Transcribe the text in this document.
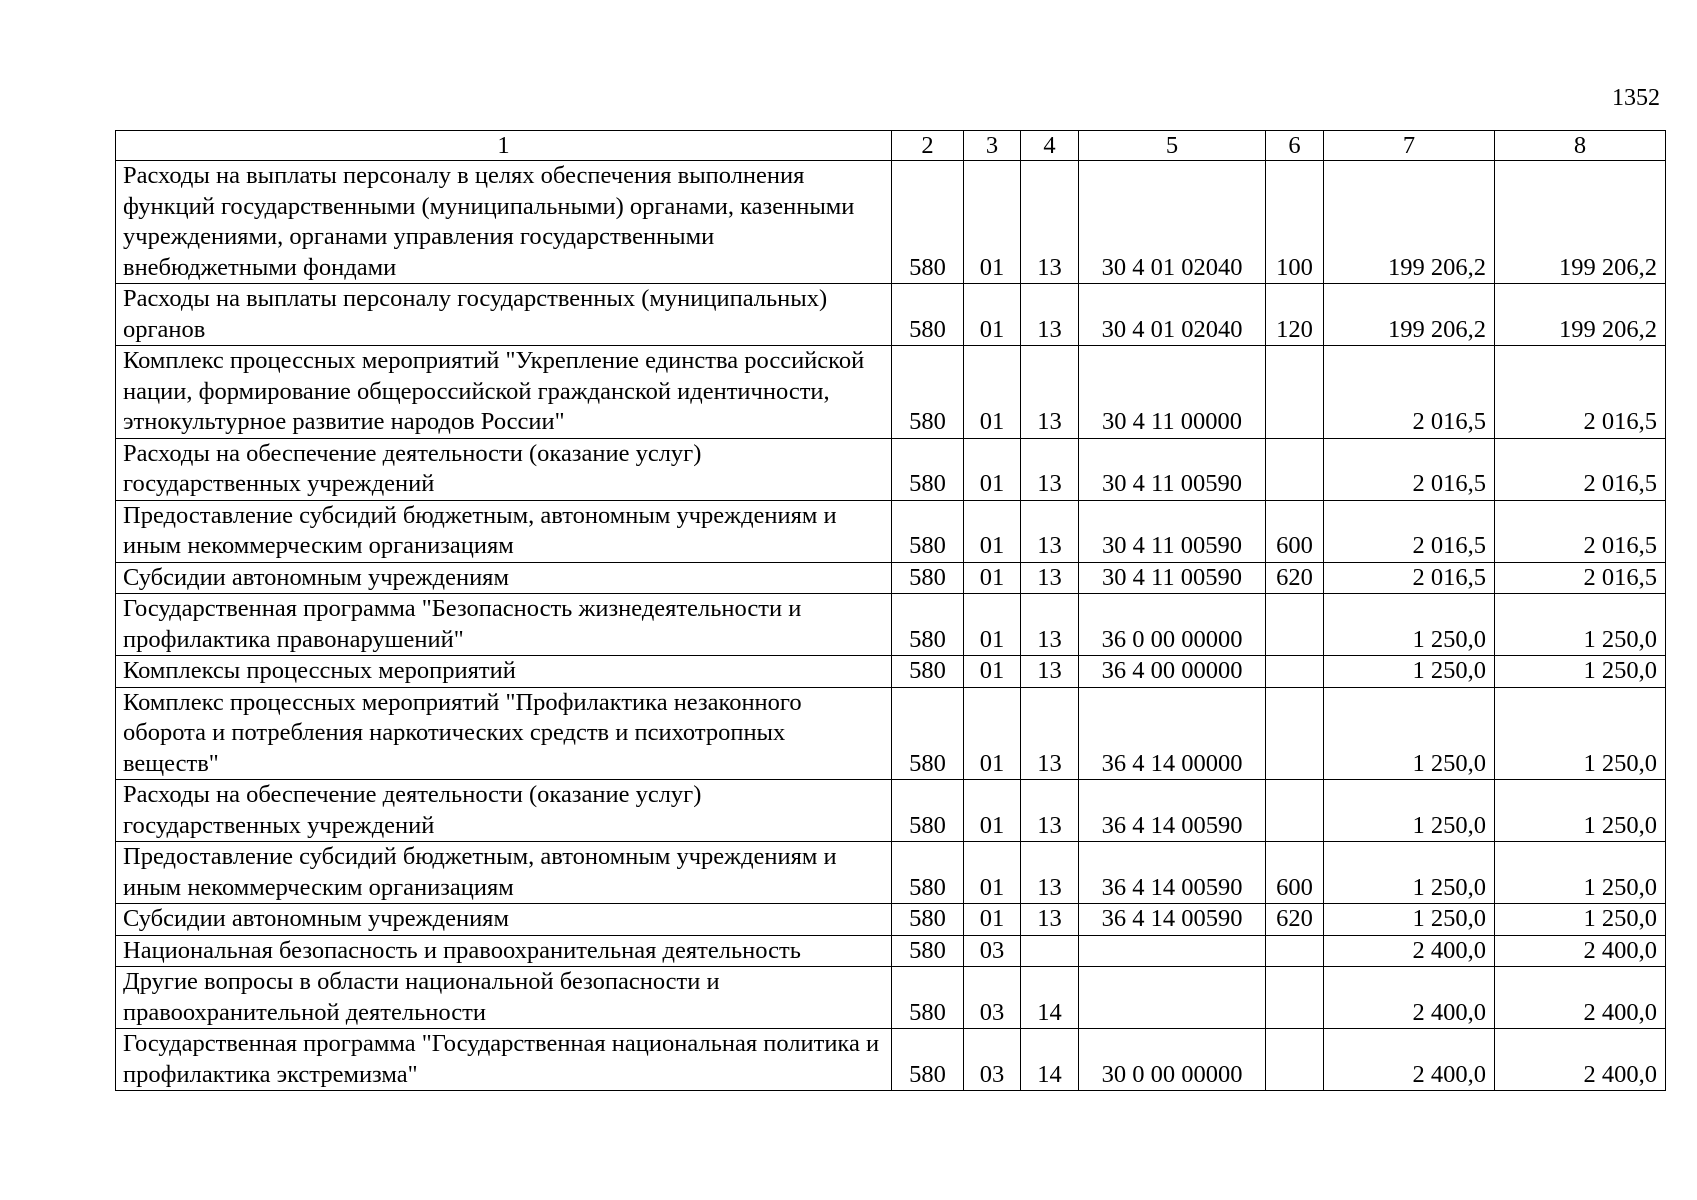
1352
1	2	3	4	5	6	7	8
Расходы на выплаты персоналу в целях обеспечения выполнения функций государственными (муниципальными) органами, казенными учреждениями, органами управления государственными внебюджетными фондами	580	01	13	30 4 01 02040	100	199 206,2	199 206,2
Расходы на выплаты персоналу государственных (муниципальных) органов	580	01	13	30 4 01 02040	120	199 206,2	199 206,2
Комплекс процессных мероприятий "Укрепление единства российской нации, формирование общероссийской гражданской идентичности, этнокультурное развитие народов России"	580	01	13	30 4 11 00000		2 016,5	2 016,5
Расходы на обеспечение деятельности (оказание услуг) государственных учреждений	580	01	13	30 4 11 00590		2 016,5	2 016,5
Предоставление субсидий бюджетным, автономным учреждениям и иным некоммерческим организациям	580	01	13	30 4 11 00590	600	2 016,5	2 016,5
Субсидии автономным учреждениям	580	01	13	30 4 11 00590	620	2 016,5	2 016,5
Государственная программа "Безопасность жизнедеятельности и профилактика правонарушений"	580	01	13	36 0 00 00000		1 250,0	1 250,0
Комплексы процессных мероприятий	580	01	13	36 4 00 00000		1 250,0	1 250,0
Комплекс процессных мероприятий "Профилактика незаконного оборота и потребления наркотических средств и психотропных веществ"	580	01	13	36 4 14 00000		1 250,0	1 250,0
Расходы на обеспечение деятельности (оказание услуг) государственных учреждений	580	01	13	36 4 14 00590		1 250,0	1 250,0
Предоставление субсидий бюджетным, автономным учреждениям и иным некоммерческим организациям	580	01	13	36 4 14 00590	600	1 250,0	1 250,0
Субсидии автономным учреждениям	580	01	13	36 4 14 00590	620	1 250,0	1 250,0
Национальная безопасность и правоохранительная деятельность	580	03				2 400,0	2 400,0
Другие вопросы в области национальной безопасности и правоохранительной деятельности	580	03	14			2 400,0	2 400,0
Государственная программа "Государственная национальная политика и профилактика экстремизма"	580	03	14	30 0 00 00000		2 400,0	2 400,0
